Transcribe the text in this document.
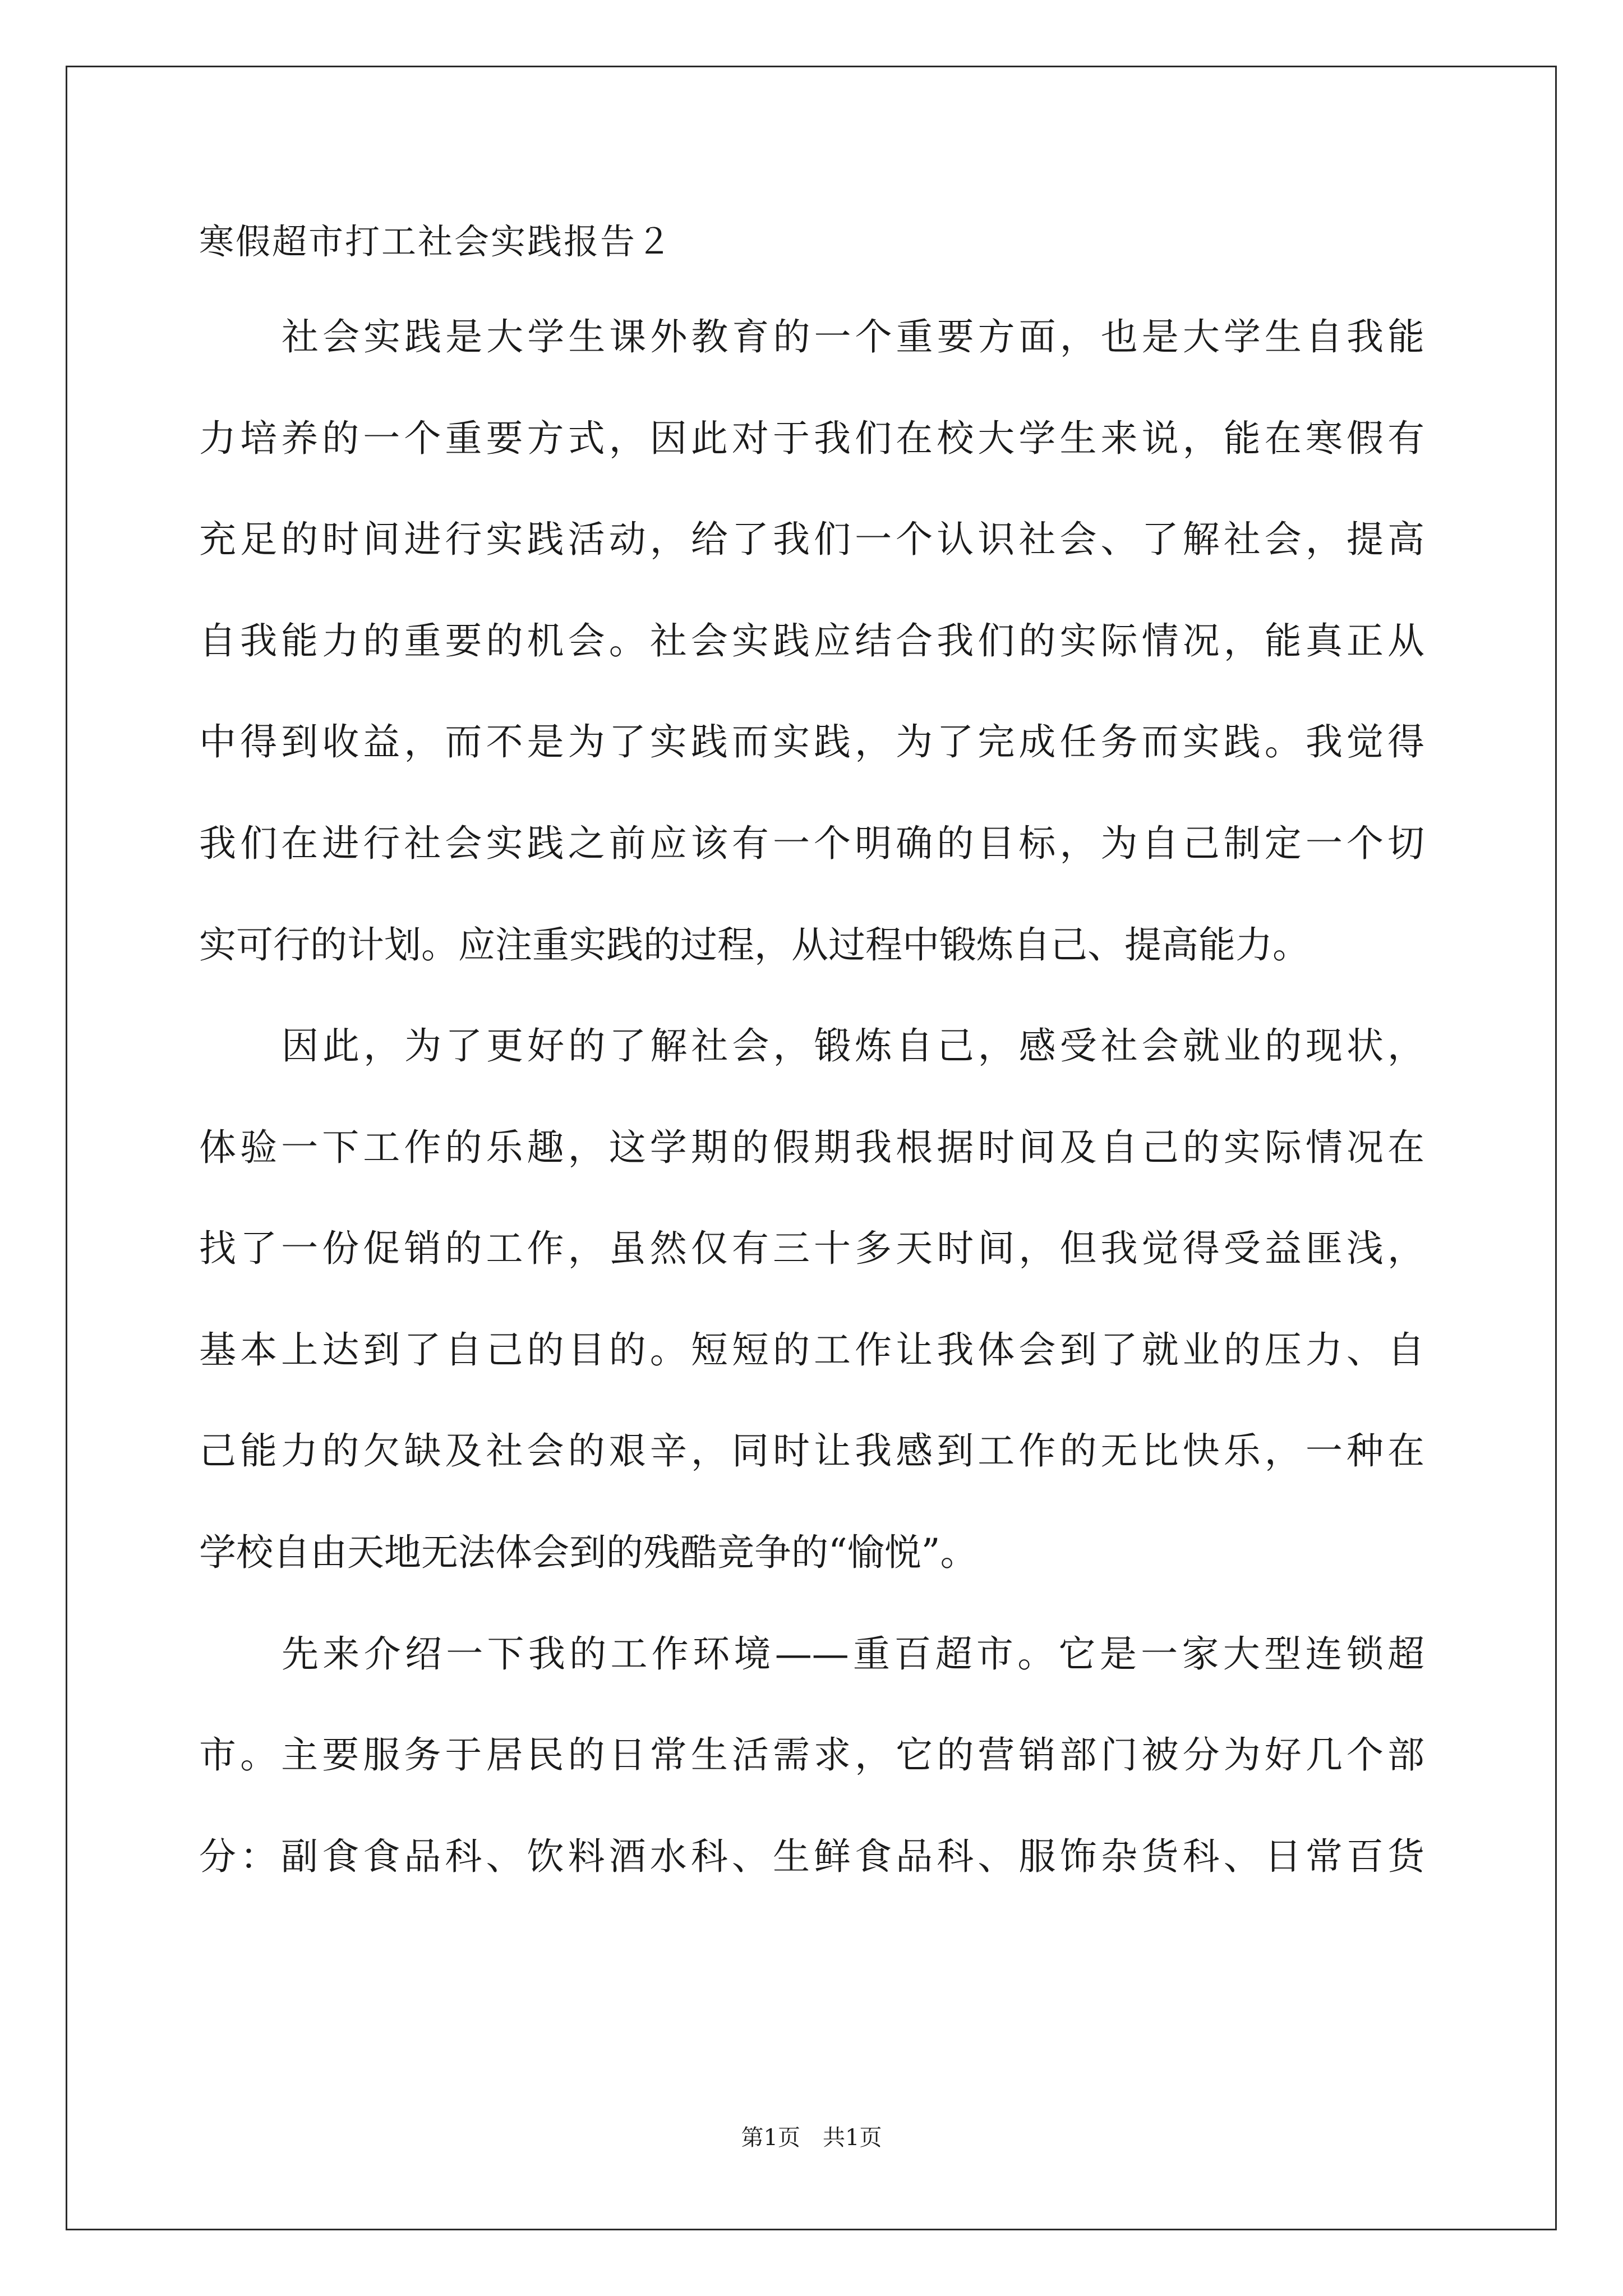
寒假超市打工社会实践报告２
社会实践是大学生课外教育的一个重要方面，也是大学生自我能
力培养的一个重要方式，因此对于我们在校大学生来说，能在寒假有
充足的时间进行实践活动，给了我们一个认识社会、了解社会，提高
自我能力的重要的机会。社会实践应结合我们的实际情况，能真正从
中得到收益，而不是为了实践而实践，为了完成任务而实践。我觉得
我们在进行社会实践之前应该有一个明确的目标，为自己制定一个切
实可行的计划。应注重实践的过程，从过程中锻炼自己、提高能力。
因此，为了更好的了解社会，锻炼自己，感受社会就业的现状，
体验一下工作的乐趣，这学期的假期我根据时间及自己的实际情况在
找了一份促销的工作，虽然仅有三十多天时间，但我觉得受益匪浅，
基本上达到了自己的目的。短短的工作让我体会到了就业的压力、自
己能力的欠缺及社会的艰辛，同时让我感到工作的无比快乐，一种在
学校自由天地无法体会到的残酷竞争的“愉悦”。
先来介绍一下我的工作环境——重百超市。它是一家大型连锁超
市。主要服务于居民的日常生活需求，它的营销部门被分为好几个部
分：副食食品科、饮料酒水科、生鲜食品科、服饰杂货科、日常百货
第1页　共1页
